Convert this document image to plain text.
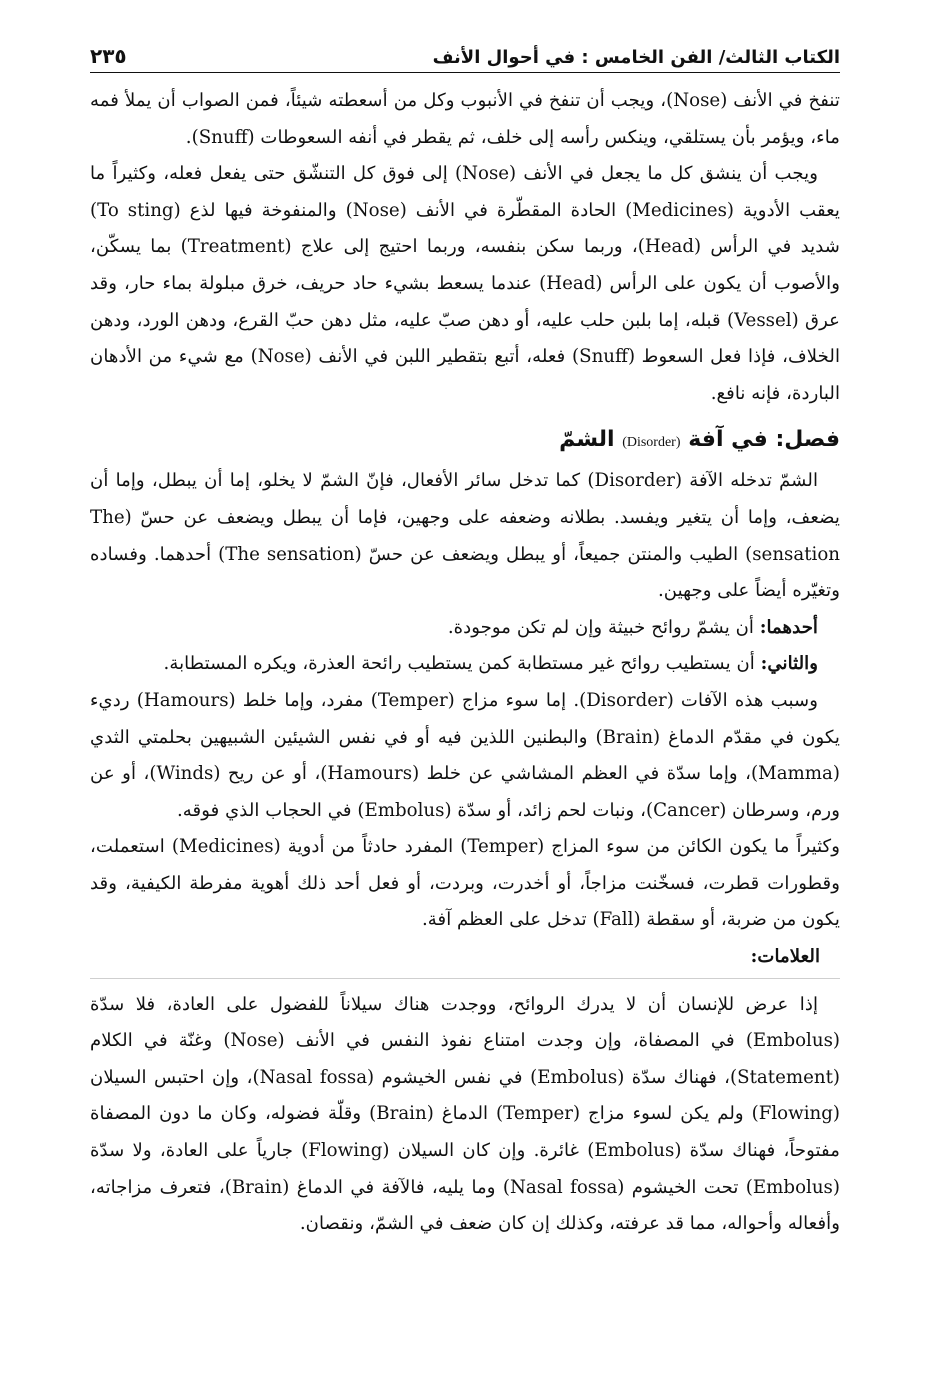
الكتاب الثالث/ الفن الخامس : في أحوال الأنف
٢٣٥

تنفخ في الأنف (Nose)، ويجب أن تنفخ في الأنبوب وكل من أسعطته شيئاً، فمن الصواب أن يملأ فمه ماء، ويؤمر بأن يستلقي، وينكس رأسه إلى خلف، ثم يقطر في أنفه السعوطات (Snuff).

ويجب أن ينشق كل ما يجعل في الأنف (Nose) إلى فوق كل التنشّق حتى يفعل فعله، وكثيراً ما يعقب الأدوية (Medicines) الحادة المقطّرة في الأنف (Nose) والمنفوخة فيها لذع (To sting) شديد في الرأس (Head)، وربما سكن بنفسه، وربما احتيج إلى علاج (Treatment) بما يسكّن، والأصوب أن يكون على الرأس (Head) عندما يسعط بشيء حاد حريف، خرق مبلولة بماء حار، وقد عرق (Vessel) قبله، إما بلبن حلب عليه، أو دهن صبّ عليه، مثل دهن حبّ القرع، ودهن الورد، ودهن الخلاف، فإذا فعل السعوط (Snuff) فعله، أتبع بتقطير اللبن في الأنف (Nose) مع شيء من الأدهان الباردة، فإنه نافع.

فصل: في آفة (Disorder) الشمّ

الشمّ تدخله الآفة (Disorder) كما تدخل سائر الأفعال، فإنّ الشمّ لا يخلو، إما أن يبطل، وإما أن يضعف، وإما أن يتغير ويفسد. بطلانه وضعفه على وجهين، فإما أن يبطل ويضعف عن حسّ (The sensation) الطيب والمنتن جميعاً، أو يبطل ويضعف عن حسّ (The sensation) أحدهما. وفساده وتغيّره أيضاً على وجهين.

أحدهما: أن يشمّ روائح خبيثة وإن لم تكن موجودة.

والثاني: أن يستطيب روائح غير مستطابة كمن يستطيب رائحة العذرة، ويكره المستطابة.

وسبب هذه الآفات (Disorder). إما سوء مزاج (Temper) مفرد، وإما خلط (Hamours) رديء يكون في مقدّم الدماغ (Brain) والبطنين اللذين فيه أو في نفس الشيئين الشبيهين بحلمتي الثدي (Mamma)، وإما سدّة في العظم المشاشي عن خلط (Hamours)، أو عن ريح (Winds)، أو عن ورم، وسرطان (Cancer)، ونبات لحم زائد، أو سدّة (Embolus) في الحجاب الذي فوقه.

وكثيراً ما يكون الكائن من سوء المزاج (Temper) المفرد حادثاً من أدوية (Medicines) استعملت، وقطورات قطرت، فسخّنت مزاجاً، أو أخدرت، وبردت، أو فعل أحد ذلك أهوية مفرطة الكيفية، وقد يكون من ضربة، أو سقطة (Fall) تدخل على العظم آفة.

العلامات:

إذا عرض للإنسان أن لا يدرك الروائح، ووجدت هناك سيلاناً للفضول على العادة، فلا سدّة (Embolus) في المصفاة، وإن وجدت امتناع نفوذ النفس في الأنف (Nose) وغنّة في الكلام (Statement)، فهناك سدّة (Embolus) في نفس الخيشوم (Nasal fossa)، وإن احتبس السيلان (Flowing) ولم يكن لسوء مزاج (Temper) الدماغ (Brain) وقلّة فضوله، وكان ما دون المصفاة مفتوحاً، فهناك سدّة (Embolus) غائرة. وإن كان السيلان (Flowing) جارياً على العادة، ولا سدّة (Embolus) تحت الخيشوم (Nasal fossa) وما يليه، فالآفة في الدماغ (Brain)، فتعرف مزاجاته، وأفعاله وأحواله، مما قد عرفته، وكذلك إن كان ضعف في الشمّ، ونقصان.
